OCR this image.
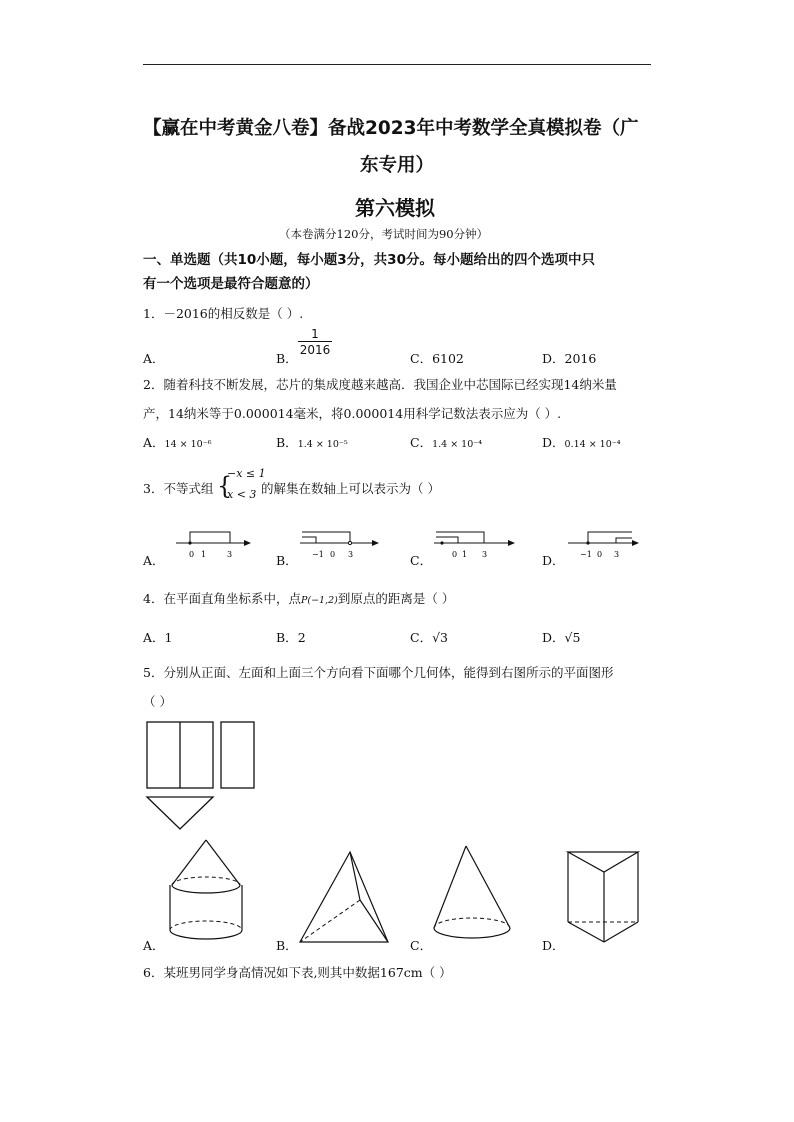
【赢在中考黄金八卷】备战2023年中考数学全真模拟卷（广
东专用）
第六模拟
（本卷满分120分，考试时间为90分钟）
一、单选题（共10小题，每小题3分，共30分。每小题给出的四个选项中只
有一个选项是最符合题意的）
1．－2016的相反数是（ ）.
A．	B．
$\frac{1}{2016}$
C．6102	D．2016
2．随着科技不断发展，芯片的集成度越来越高．我国企业中芯国际已经实现14纳米量
产，14纳米等于0.000014毫米，将0.000014用科学记数法表示应为（ ）.
A．14 × 10⁻⁶	B．1.4 × 10⁻⁵	C．1.4 × 10⁻⁴	D．0.14 × 10⁻⁴
3．不等式组 {
−x ≤ 1
x < 3 的解集在数轴上可以表示为（ ）
A．	B．	C．	D．
0 1	3	−1 0 3	0 1 3	−1 0 3
4．在平面直角坐标系中，点P(−1,2)到原点的距离是（ ）
A．1	B．2	C．√3	D．√5
5．分别从正面、左面和上面三个方向看下面哪个几何体，能得到右图所示的平面图形
（ ）
A．	B．	C．	D．
6．某班男同学身高情况如下表,则其中数据167cm（ ）
